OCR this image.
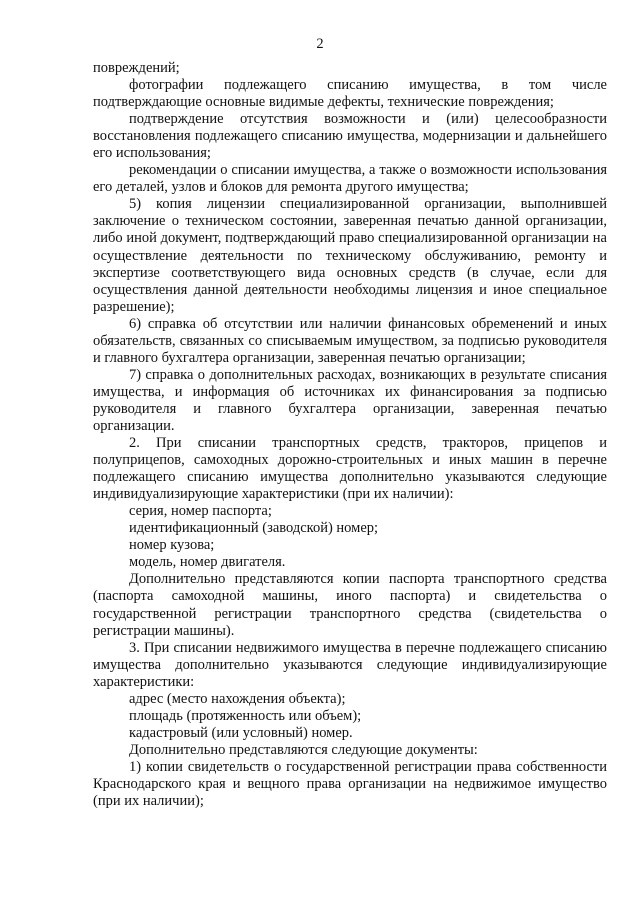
2

повреждений;

фотографии подлежащего списанию имущества, в том числе подтверждающие основные видимые дефекты, технические повреждения;

подтверждение отсутствия возможности и (или) целесообразности восстановления подлежащего списанию имущества, модернизации и дальнейшего его использования;

рекомендации о списании имущества, а также о возможности использования его деталей, узлов и блоков для ремонта другого имущества;

5) копия лицензии специализированной организации, выполнившей заключение о техническом состоянии, заверенная печатью данной организации, либо иной документ, подтверждающий право специализированной организации на осуществление деятельности по техническому обслуживанию, ремонту и экспертизе соответствующего вида основных средств (в случае, если для осуществления данной деятельности необходимы лицензия и иное специальное разрешение);

6) справка об отсутствии или наличии финансовых обременений и иных обязательств, связанных со списываемым имуществом, за подписью руководителя и главного бухгалтера организации, заверенная печатью организации;

7) справка о дополнительных расходах, возникающих в результате списания имущества, и информация об источниках их финансирования за подписью руководителя и главного бухгалтера организации, заверенная печатью организации.

2. При списании транспортных средств, тракторов, прицепов и полуприцепов, самоходных дорожно-строительных и иных машин в перечне подлежащего списанию имущества дополнительно указываются следующие индивидуализирующие характеристики (при их наличии):

серия, номер паспорта;

идентификационный (заводской) номер;

номер кузова;

модель, номер двигателя.

Дополнительно представляются копии паспорта транспортного средства (паспорта самоходной машины, иного паспорта) и свидетельства о государственной регистрации транспортного средства (свидетельства о регистрации машины).

3. При списании недвижимого имущества в перечне подлежащего списанию имущества дополнительно указываются следующие индивидуализирующие характеристики:

адрес (место нахождения объекта);

площадь (протяженность или объем);

кадастровый (или условный) номер.

Дополнительно представляются следующие документы:

1) копии свидетельств о государственной регистрации права собственности Краснодарского края и вещного права организации на недвижимое имущество (при их наличии);
